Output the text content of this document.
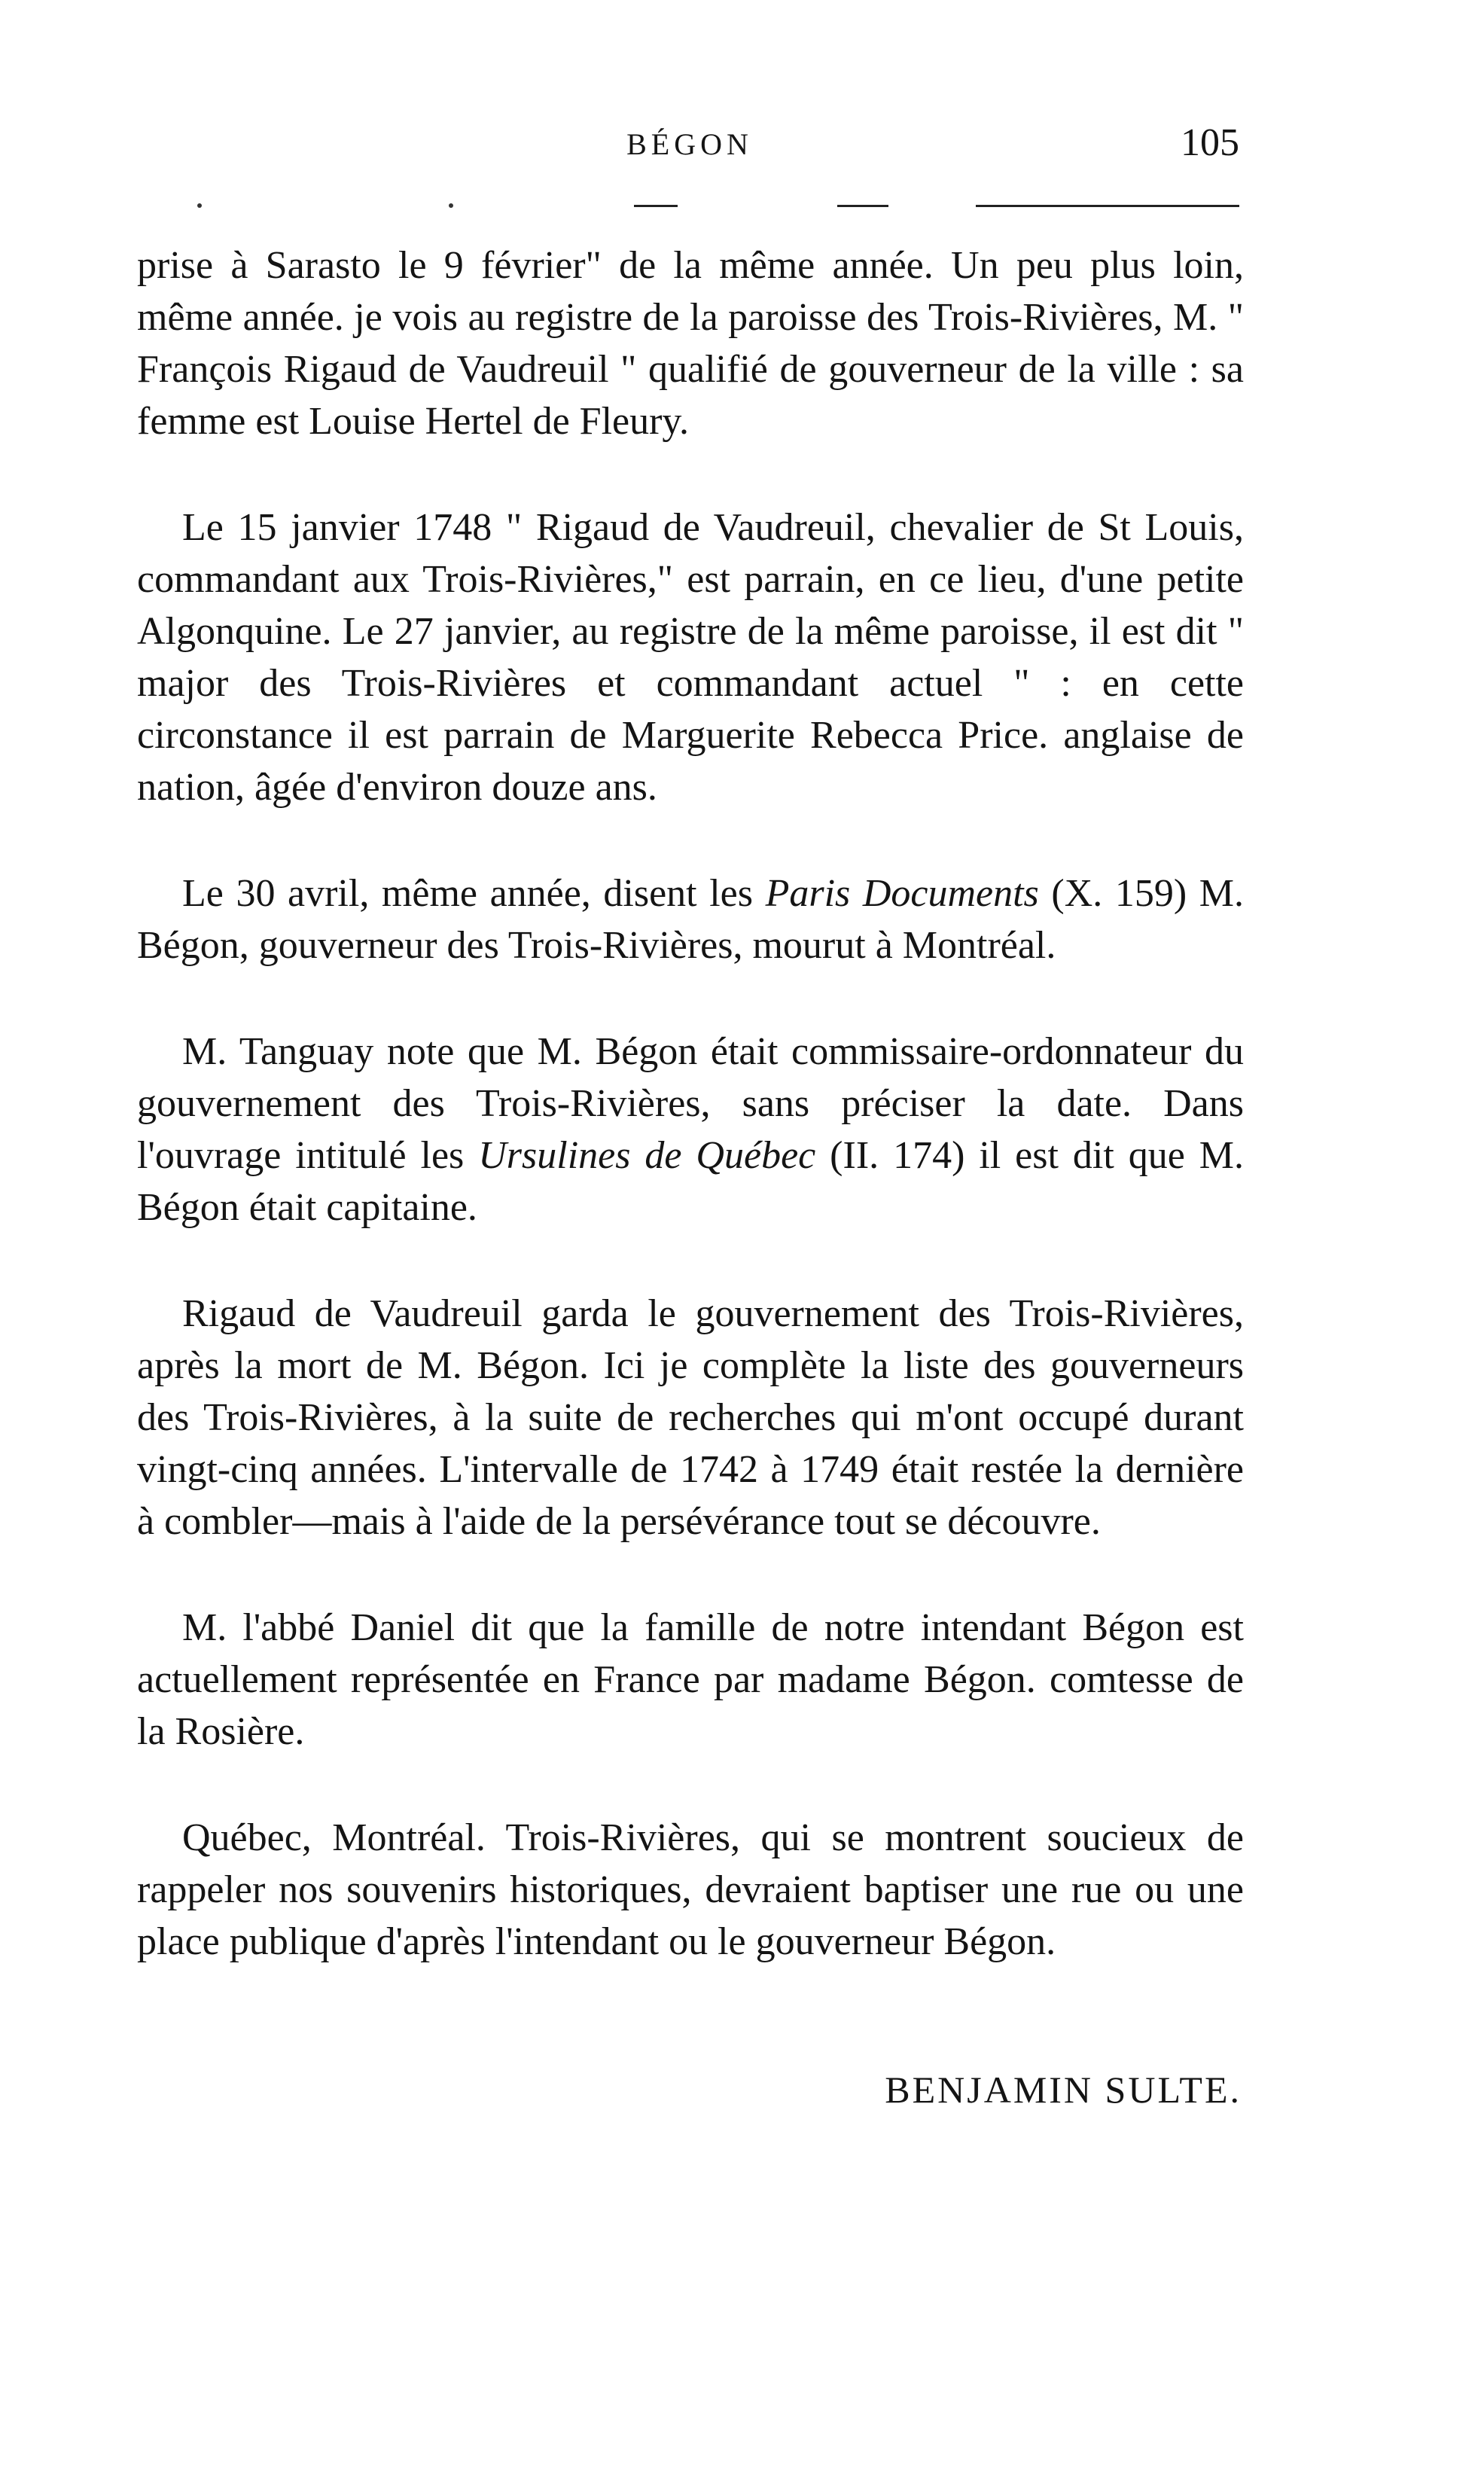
BÉGON	105

prise à Sarasto le 9 février" de la même année. Un peu plus loin, même année. je vois au registre de la paroisse des Trois-Rivières, M. " François Rigaud de Vaudreuil " qualifié de gouverneur de la ville : sa femme est Louise Hertel de Fleury.

Le 15 janvier 1748 " Rigaud de Vaudreuil, chevalier de St Louis, commandant aux Trois-Rivières," est parrain, en ce lieu, d'une petite Algonquine. Le 27 janvier, au registre de la même paroisse, il est dit " major des Trois-Rivières et commandant actuel " : en cette circonstance il est parrain de Marguerite Rebecca Price. anglaise de nation, âgée d'environ douze ans.

Le 30 avril, même année, disent les Paris Documents (X. 159) M. Bégon, gouverneur des Trois-Rivières, mourut à Montréal.

M. Tanguay note que M. Bégon était commissaire-ordonnateur du gouvernement des Trois-Rivières, sans préciser la date. Dans l'ouvrage intitulé les Ursulines de Québec (II. 174) il est dit que M. Bégon était capitaine.

Rigaud de Vaudreuil garda le gouvernement des Trois-Rivières, après la mort de M. Bégon. Ici je complète la liste des gouverneurs des Trois-Rivières, à la suite de recherches qui m'ont occupé durant vingt-cinq années. L'intervalle de 1742 à 1749 était restée la dernière à combler—mais à l'aide de la persévérance tout se découvre.

M. l'abbé Daniel dit que la famille de notre intendant Bégon est actuellement représentée en France par madame Bégon. comtesse de la Rosière.

Québec, Montréal. Trois-Rivières, qui se montrent soucieux de rappeler nos souvenirs historiques, devraient baptiser une rue ou une place publique d'après l'intendant ou le gouverneur Bégon.

BENJAMIN SULTE.
